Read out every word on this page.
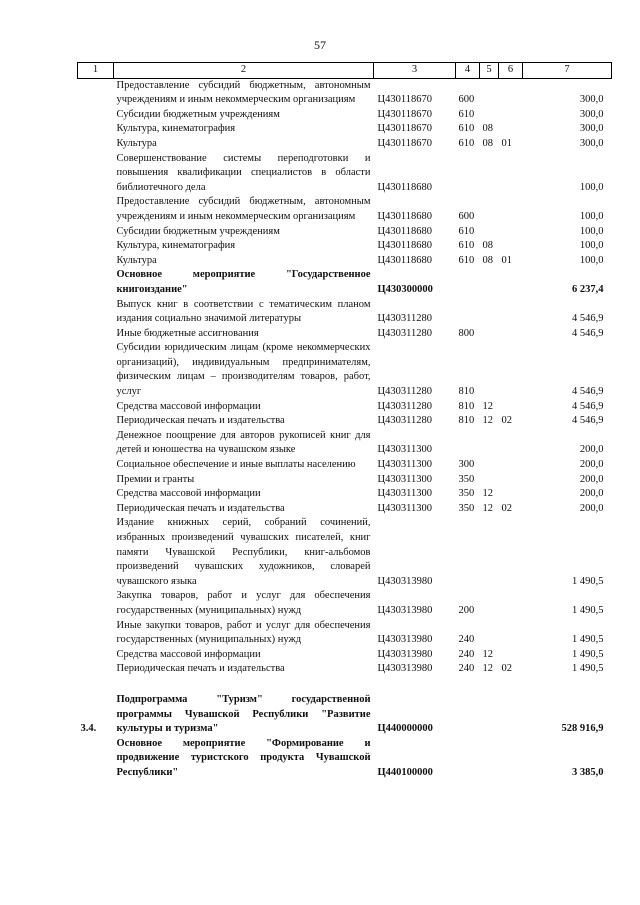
57
1	2	3	4	5	6	7
	Предоставление субсидий бюджетным, автономным учреждениям и иным некоммерческим организациям	Ц430118670	600			300,0
	Субсидии бюджетным учреждениям	Ц430118670	610			300,0
	Культура, кинематография	Ц430118670	610	08		300,0
	Культура	Ц430118670	610	08	01	300,0
	Совершенствование системы переподготовки и повышения квалификации специалистов в области библиотечного дела	Ц430118680				100,0
	Предоставление субсидий бюджетным, автономным учреждениям и иным некоммерческим организациям	Ц430118680	600			100,0
	Субсидии бюджетным учреждениям	Ц430118680	610			100,0
	Культура, кинематография	Ц430118680	610	08		100,0
	Культура	Ц430118680	610	08	01	100,0
	Основное мероприятие "Государственное книгоиздание"	Ц430300000				6 237,4
	Выпуск книг в соответствии с тематическим планом издания социально значимой литературы	Ц430311280				4 546,9
	Иные бюджетные ассигнования	Ц430311280	800			4 546,9
	Субсидии юридическим лицам (кроме некоммерческих организаций), индивидуальным предпринимателям, физическим лицам – производителям товаров, работ, услуг	Ц430311280	810			4 546,9
	Средства массовой информации	Ц430311280	810	12		4 546,9
	Периодическая печать и издательства	Ц430311280	810	12	02	4 546,9
	Денежное поощрение для авторов рукописей книг для детей и юношества на чувашском языке	Ц430311300				200,0
	Социальное обеспечение и иные выплаты населению	Ц430311300	300			200,0
	Премии и гранты	Ц430311300	350			200,0
	Средства массовой информации	Ц430311300	350	12		200,0
	Периодическая печать и издательства	Ц430311300	350	12	02	200,0
	Издание книжных серий, собраний сочинений, избранных произведений чувашских писателей, книг памяти Чувашской Республики, книг-альбомов произведений чувашских художников, словарей чувашского языка	Ц430313980				1 490,5
	Закупка товаров, работ и услуг для обеспечения государственных (муниципальных) нужд	Ц430313980	200			1 490,5
	Иные закупки товаров, работ и услуг для обеспечения государственных (муниципальных) нужд	Ц430313980	240			1 490,5
	Средства массовой информации	Ц430313980	240	12		1 490,5
	Периодическая печать и издательства	Ц430313980	240	12	02	1 490,5

3.4.	Подпрограмма "Туризм" государственной программы Чувашской Республики "Развитие культуры и туризма"	Ц440000000				528 916,9
	Основное мероприятие "Формирование и продвижение туристского продукта Чувашской Республики"	Ц440100000				3 385,0
